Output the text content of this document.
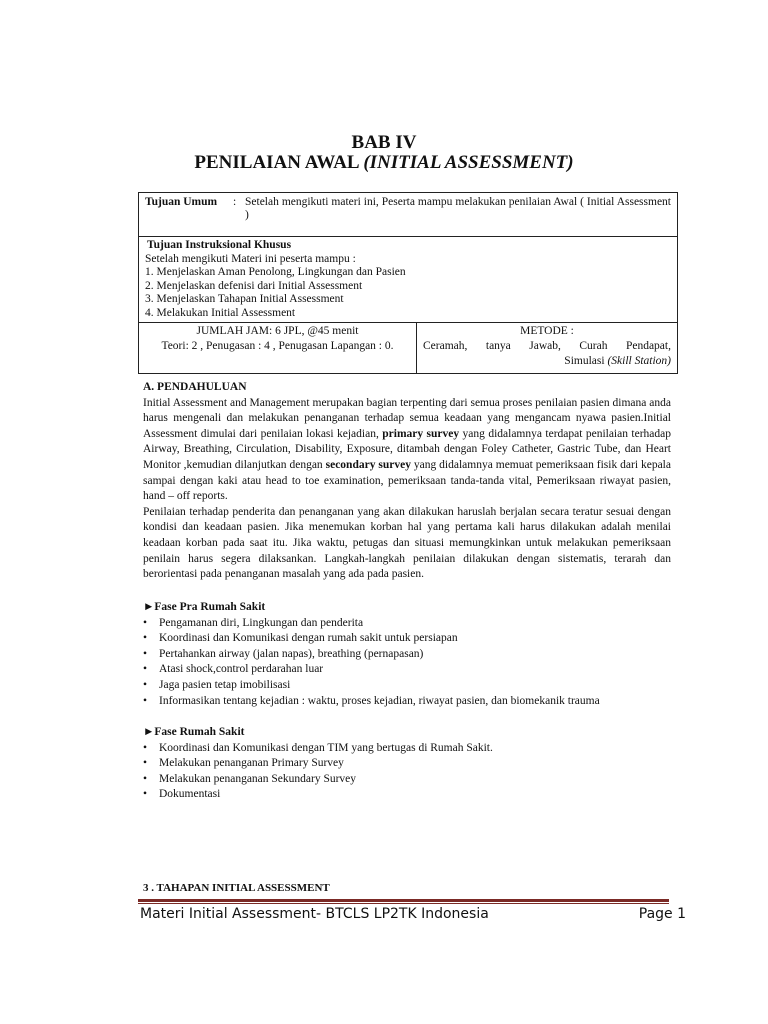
BAB IV
PENILAIAN AWAL (INITIAL ASSESSMENT)
Tujuan Umum	: Setelah mengikuti materi ini, Peserta mampu melakukan penilaian Awal ( Initial Assessment )
Tujuan Instruksional Khusus
Setelah mengikuti Materi ini peserta mampu :
1. Menjelaskan Aman Penolong, Lingkungan dan Pasien
2. Menjelaskan defenisi dari Initial Assessment
3. Menjelaskan Tahapan Initial Assessment
4. Melakukan Initial Assessment
JUMLAH JAM: 6 JPL, @45 menit
Teori: 2 , Penugasan : 4 , Penugasan Lapangan : 0.
METODE :
Ceramah, tanya Jawab, Curah Pendapat,
Simulasi (Skill Station)
A. PENDAHULUAN
Initial Assessment and Management merupakan bagian terpenting dari semua proses penilaian pasien dimana anda harus mengenali dan melakukan penanganan terhadap semua keadaan yang mengancam nyawa pasien.Initial Assessment dimulai dari penilaian lokasi kejadian, primary survey yang didalamnya terdapat penilaian terhadap Airway, Breathing, Circulation, Disability, Exposure, ditambah dengan Foley Catheter, Gastric Tube, dan Heart Monitor ,kemudian dilanjutkan dengan secondary survey yang didalamnya memuat pemeriksaan fisik dari kepala sampai dengan kaki atau head to toe examination, pemeriksaan tanda-tanda vital, Pemeriksaan riwayat pasien, hand – off reports.
Penilaian terhadap penderita dan penanganan yang akan dilakukan haruslah berjalan secara teratur sesuai dengan kondisi dan keadaan pasien. Jika menemukan korban hal yang pertama kali harus dilakukan adalah menilai keadaan korban pada saat itu. Jika waktu, petugas dan situasi memungkinkan untuk melakukan pemeriksaan penilain harus segera dilaksankan. Langkah-langkah penilaian dilakukan dengan sistematis, terarah dan berorientasi pada penanganan masalah yang ada pada pasien.
►Fase Pra Rumah Sakit
•	Pengamanan diri, Lingkungan dan penderita
•	Koordinasi dan Komunikasi dengan rumah sakit untuk persiapan
•	Pertahankan airway (jalan napas), breathing (pernapasan)
•	Atasi shock,control perdarahan luar
•	Jaga pasien tetap imobilisasi
•	Informasikan tentang kejadian : waktu, proses kejadian, riwayat pasien, dan biomekanik trauma
►Fase Rumah Sakit
•	Koordinasi dan Komunikasi dengan TIM yang bertugas di Rumah Sakit.
•	Melakukan penanganan Primary Survey
•	Melakukan penanganan Sekundary Survey
•	Dokumentasi
3 . TAHAPAN INITIAL ASSESSMENT
Materi Initial Assessment- BTCLS LP2TK Indonesia	Page 1
